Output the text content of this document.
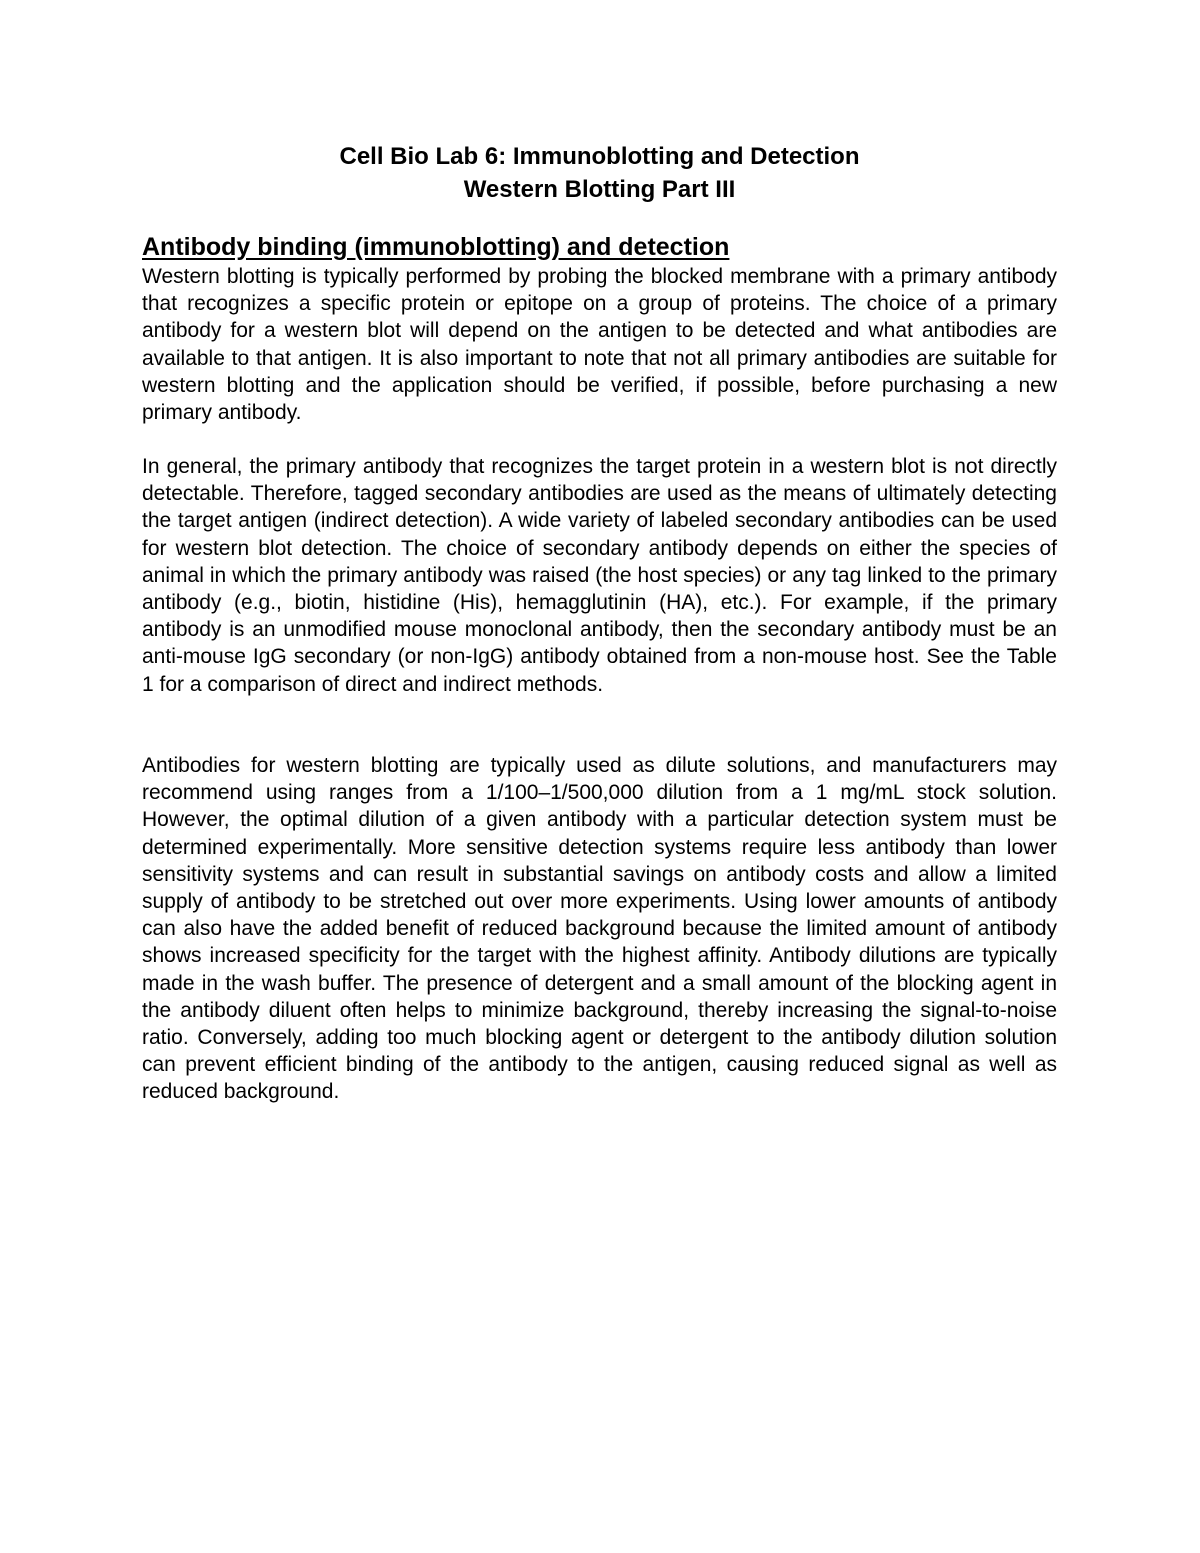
Cell Bio Lab 6: Immunoblotting and Detection
Western Blotting Part III
Antibody binding (immunoblotting) and detection

Western blotting is typically performed by probing the blocked membrane with a primary antibody that recognizes a specific protein or epitope on a group of proteins. The choice of a primary antibody for a western blot will depend on the antigen to be detected and what antibodies are available to that antigen. It is also important to note that not all primary antibodies are suitable for western blotting and the application should be verified, if possible, before purchasing a new primary antibody.

In general, the primary antibody that recognizes the target protein in a western blot is not directly detectable. Therefore, tagged secondary antibodies are used as the means of ultimately detecting the target antigen (indirect detection). A wide variety of labeled secondary antibodies can be used for western blot detection. The choice of secondary antibody depends on either the species of animal in which the primary antibody was raised (the host species) or any tag linked to the primary antibody (e.g., biotin, histidine (His), hemagglutinin (HA), etc.). For example, if the primary antibody is an unmodified mouse monoclonal antibody, then the secondary antibody must be an anti-mouse IgG secondary (or non-IgG) antibody obtained from a non-mouse host. See the Table 1 for a comparison of direct and indirect methods.

Antibodies for western blotting are typically used as dilute solutions, and manufacturers may recommend using ranges from a 1/100–1/500,000 dilution from a 1 mg/mL stock solution. However, the optimal dilution of a given antibody with a particular detection system must be determined experimentally. More sensitive detection systems require less antibody than lower sensitivity systems and can result in substantial savings on antibody costs and allow a limited supply of antibody to be stretched out over more experiments. Using lower amounts of antibody can also have the added benefit of reduced background because the limited amount of antibody shows increased specificity for the target with the highest affinity. Antibody dilutions are typically made in the wash buffer. The presence of detergent and a small amount of the blocking agent in the antibody diluent often helps to minimize background, thereby increasing the signal-to-noise ratio. Conversely, adding too much blocking agent or detergent to the antibody dilution solution can prevent efficient binding of the antibody to the antigen, causing reduced signal as well as reduced background.
